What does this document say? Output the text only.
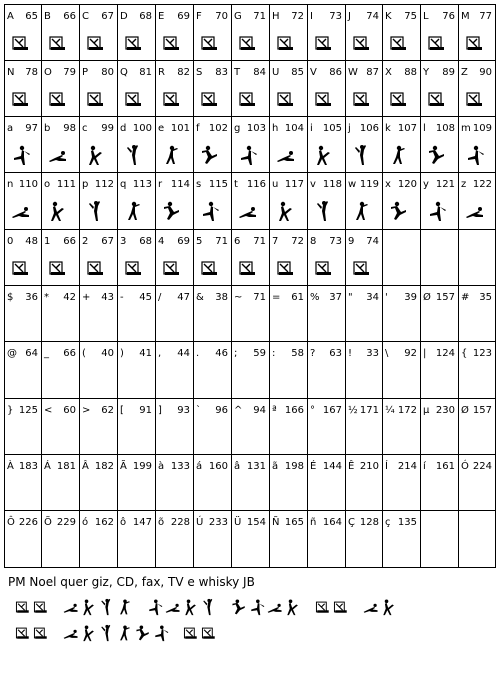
A 65 B 66 C 67 D 68 E 69 F 70 G 71 H 72 I 73 J 74 K 75 L 76 M 77
N 78 O 79 P 80 Q 81 R 82 S 83 T 84 U 85 V 86 W 87 X 88 Y 89 Z 90
a 97 b 98 c 99 d 100 e 101 f 102 g 103 h 104 i 105 j 106 k 107 l 108 m 109
n 110 o 111 p 112 q 113 r 114 s 115 t 116 u 117 v 118 w 119 x 120 y 121 z 122
0 48 1 66 2 67 3 68 4 69 5 71 6 71 7 72 8 73 9 74
$ 36 * 42 + 43 - 45 / 47 & 38 ~ 71 = 61 % 37 " 34 ' 39 Ø 157 # 35
@ 64 _ 66 ( 40 ) 41 , 44 . 46 ; 59 : 58 ? 63 ! 33 \ 92 | 124 { 123
} 125 < 60 > 62 [ 91 ] 93 ` 96 ^ 94 ª 166 ° 167 ½ 171 ¼ 172 µ 230 Ø 157
À 183 Á 181 Â 182 Ã 199 à 133 á 160 â 131 ã 198 É 144 Ê 210 Í 214 í 161 Ó 224
Ô 226 Õ 229 ó 162 ô 147 õ 228 Ú 233 Ü 154 Ñ 165 ñ 164 Ç 128 ç 135
PM Noel quer giz, CD, fax, TV e whisky JB
